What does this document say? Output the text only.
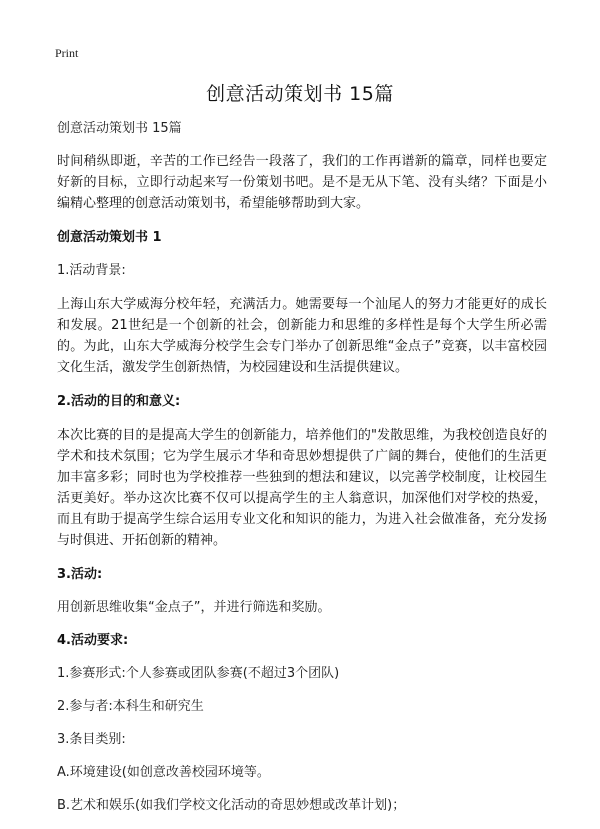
Print
创意活动策划书 15篇

创意活动策划书 15篇

时间稍纵即逝，辛苦的工作已经告一段落了，我们的工作再谱新的篇章，同样也要定好新的目标，立即行动起来写一份策划书吧。是不是无从下笔、没有头绪？下面是小编精心整理的创意活动策划书，希望能够帮助到大家。

创意活动策划书 1

1.活动背景:

上海山东大学威海分校年轻，充满活力。她需要每一个汕尾人的努力才能更好的成长和发展。21世纪是一个创新的社会，创新能力和思维的多样性是每个大学生所必需的。为此，山东大学威海分校学生会专门举办了创新思维“金点子”竞赛，以丰富校园文化生活，激发学生创新热情，为校园建设和生活提供建议。

2.活动的目的和意义:

本次比赛的目的是提高大学生的创新能力，培养他们的"发散思维，为我校创造良好的学术和技术氛围；它为学生展示才华和奇思妙想提供了广阔的舞台，使他们的生活更加丰富多彩；同时也为学校推荐一些独到的想法和建议，以完善学校制度，让校园生活更美好。举办这次比赛不仅可以提高学生的主人翁意识，加深他们对学校的热爱，而且有助于提高学生综合运用专业文化和知识的能力，为进入社会做准备，充分发扬与时俱进、开拓创新的精神。

3.活动:

用创新思维收集“金点子”，并进行筛选和奖励。

4.活动要求:

1.参赛形式:个人参赛或团队参赛(不超过3个团队)

2.参与者:本科生和研究生

3.条目类别:

A.环境建设(如创意改善校园环境等。

B.艺术和娱乐(如我们学校文化活动的奇思妙想或改革计划)；
